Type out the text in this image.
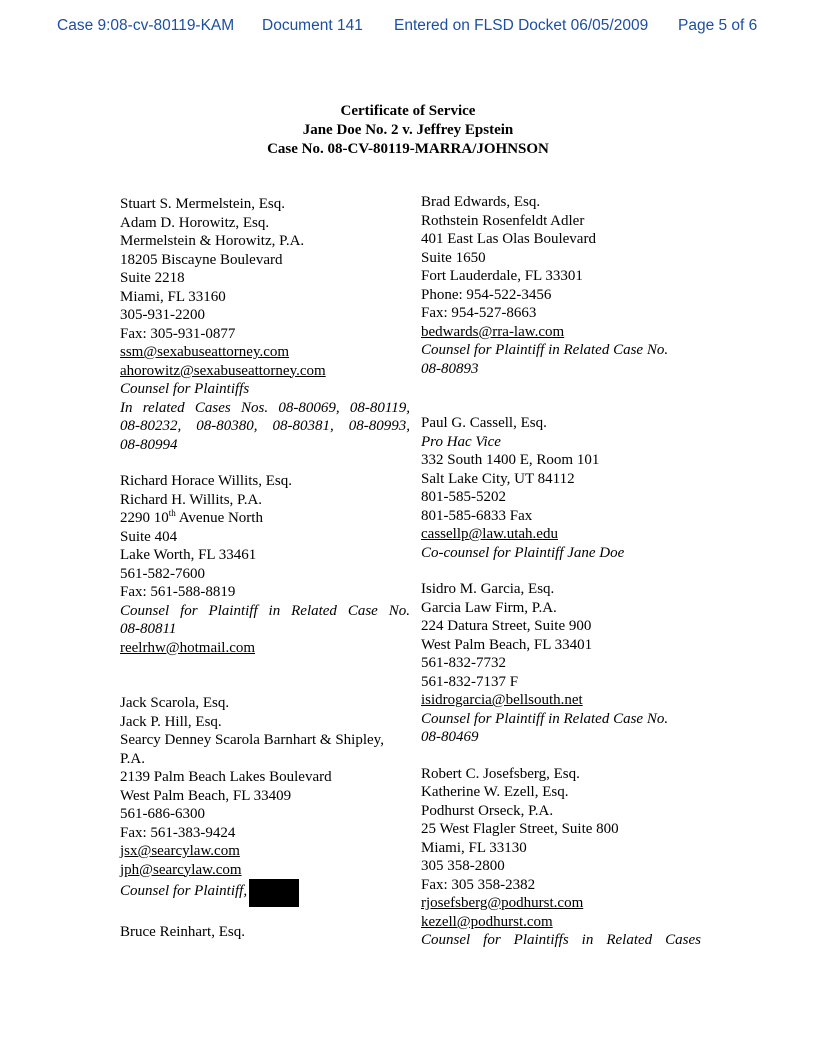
Case 9:08-cv-80119-KAM Document 141 Entered on FLSD Docket 06/05/2009 Page 5 of 6
Certificate of Service
Jane Doe No. 2 v. Jeffrey Epstein
Case No. 08-CV-80119-MARRA/JOHNSON
Stuart S. Mermelstein, Esq.
Adam D. Horowitz, Esq.
Mermelstein & Horowitz, P.A.
18205 Biscayne Boulevard
Suite 2218
Miami, FL 33160
305-931-2200
Fax: 305-931-0877
ssm@sexabuseattorney.com
ahorowitz@sexabuseattorney.com
Counsel for Plaintiffs
In related Cases Nos. 08-80069, 08-80119,
08-80232, 08-80380, 08-80381, 08-80993,
08-80994
Richard Horace Willits, Esq.
Richard H. Willits, P.A.
2290 10th Avenue North
Suite 404
Lake Worth, FL 33461
561-582-7600
Fax: 561-588-8819
Counsel for Plaintiff in Related Case No.
08-80811
reelrhw@hotmail.com
Jack Scarola, Esq.
Jack P. Hill, Esq.
Searcy Denney Scarola Barnhart & Shipley,
P.A.
2139 Palm Beach Lakes Boulevard
West Palm Beach, FL 33409
561-686-6300
Fax: 561-383-9424
jsx@searcylaw.com
jph@searcylaw.com
Counsel for Plaintiff,
Bruce Reinhart, Esq.
Brad Edwards, Esq.
Rothstein Rosenfeldt Adler
401 East Las Olas Boulevard
Suite 1650
Fort Lauderdale, FL 33301
Phone: 954-522-3456
Fax: 954-527-8663
bedwards@rra-law.com
Counsel for Plaintiff in Related Case No.
08-80893
Paul G. Cassell, Esq.
Pro Hac Vice
332 South 1400 E, Room 101
Salt Lake City, UT 84112
801-585-5202
801-585-6833 Fax
cassellp@law.utah.edu
Co-counsel for Plaintiff Jane Doe
Isidro M. Garcia, Esq.
Garcia Law Firm, P.A.
224 Datura Street, Suite 900
West Palm Beach, FL 33401
561-832-7732
561-832-7137 F
isidrogarcia@bellsouth.net
Counsel for Plaintiff in Related Case No.
08-80469
Robert C. Josefsberg, Esq.
Katherine W. Ezell, Esq.
Podhurst Orseck, P.A.
25 West Flagler Street, Suite 800
Miami, FL 33130
305 358-2800
Fax: 305 358-2382
rjosefsberg@podhurst.com
kezell@podhurst.com
Counsel for Plaintiffs in Related Cases
